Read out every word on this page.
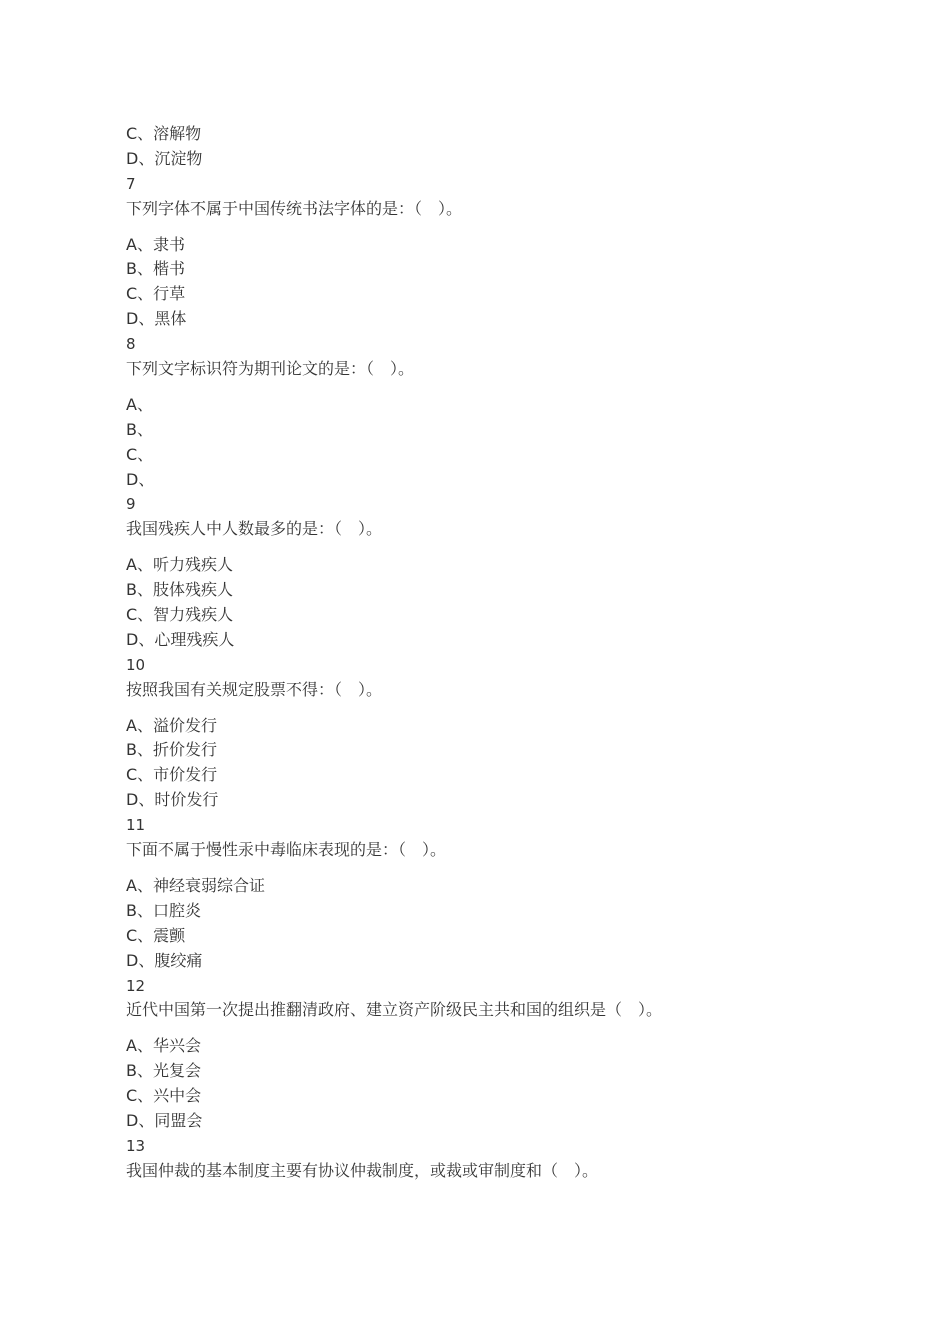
C、溶解物
D、沉淀物
7
下列字体不属于中国传统书法字体的是：（　）。
A、隶书
B、楷书
C、行草
D、黑体
8
下列文字标识符为期刊论文的是：（　）。
A、
B、
C、
D、
9
我国残疾人中人数最多的是：（　）。
A、听力残疾人
B、肢体残疾人
C、智力残疾人
D、心理残疾人
10
按照我国有关规定股票不得：（　）。
A、溢价发行
B、折价发行
C、市价发行
D、时价发行
11
下面不属于慢性汞中毒临床表现的是：（　）。
A、神经衰弱综合证
B、口腔炎
C、震颤
D、腹绞痛
12
近代中国第一次提出推翻清政府、建立资产阶级民主共和国的组织是（　）。
A、华兴会
B、光复会
C、兴中会
D、同盟会
13
我国仲裁的基本制度主要有协议仲裁制度，或裁或审制度和（　）。
